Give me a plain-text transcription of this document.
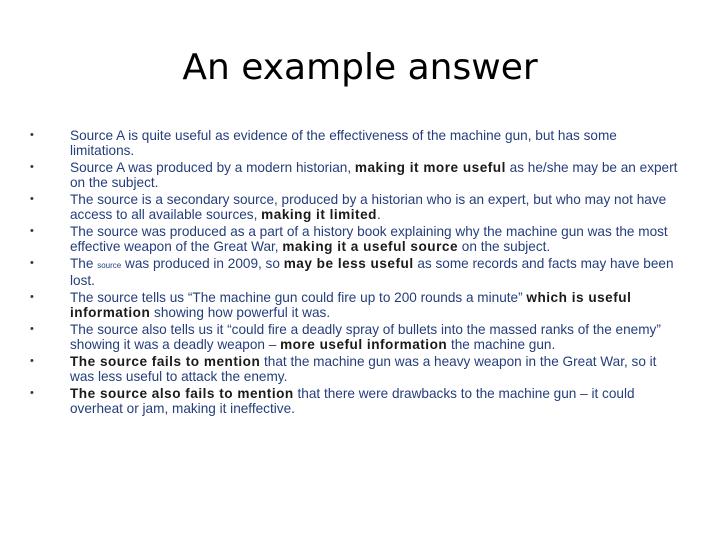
An example answer
•	Source A is quite useful as evidence of the effectiveness of the machine gun, but has some limitations.
•	Source A was produced by a modern historian, making it more useful as he/she may be an expert on the subject.
•	The source is a secondary source, produced by a historian who is an expert, but who may not have access to all available sources, making it limited.
•	The source was produced as a part of a history book explaining why the machine gun was the most effective weapon of the Great War, making it a useful source on the subject.
•	The source was produced in 2009, so may be less useful as some records and facts may have been lost.
•	The source tells us “The machine gun could fire up to 200 rounds a minute” which is useful information showing how powerful it was.
•	The source also tells us it “could fire a deadly spray of bullets into the massed ranks of the enemy” showing it was a deadly weapon – more useful information the machine gun.
•	The source fails to mention that the machine gun was a heavy weapon in the Great War, so it was less useful to attack the enemy.
•	The source also fails to mention that there were drawbacks to the machine gun – it could overheat or jam, making it ineffective.
